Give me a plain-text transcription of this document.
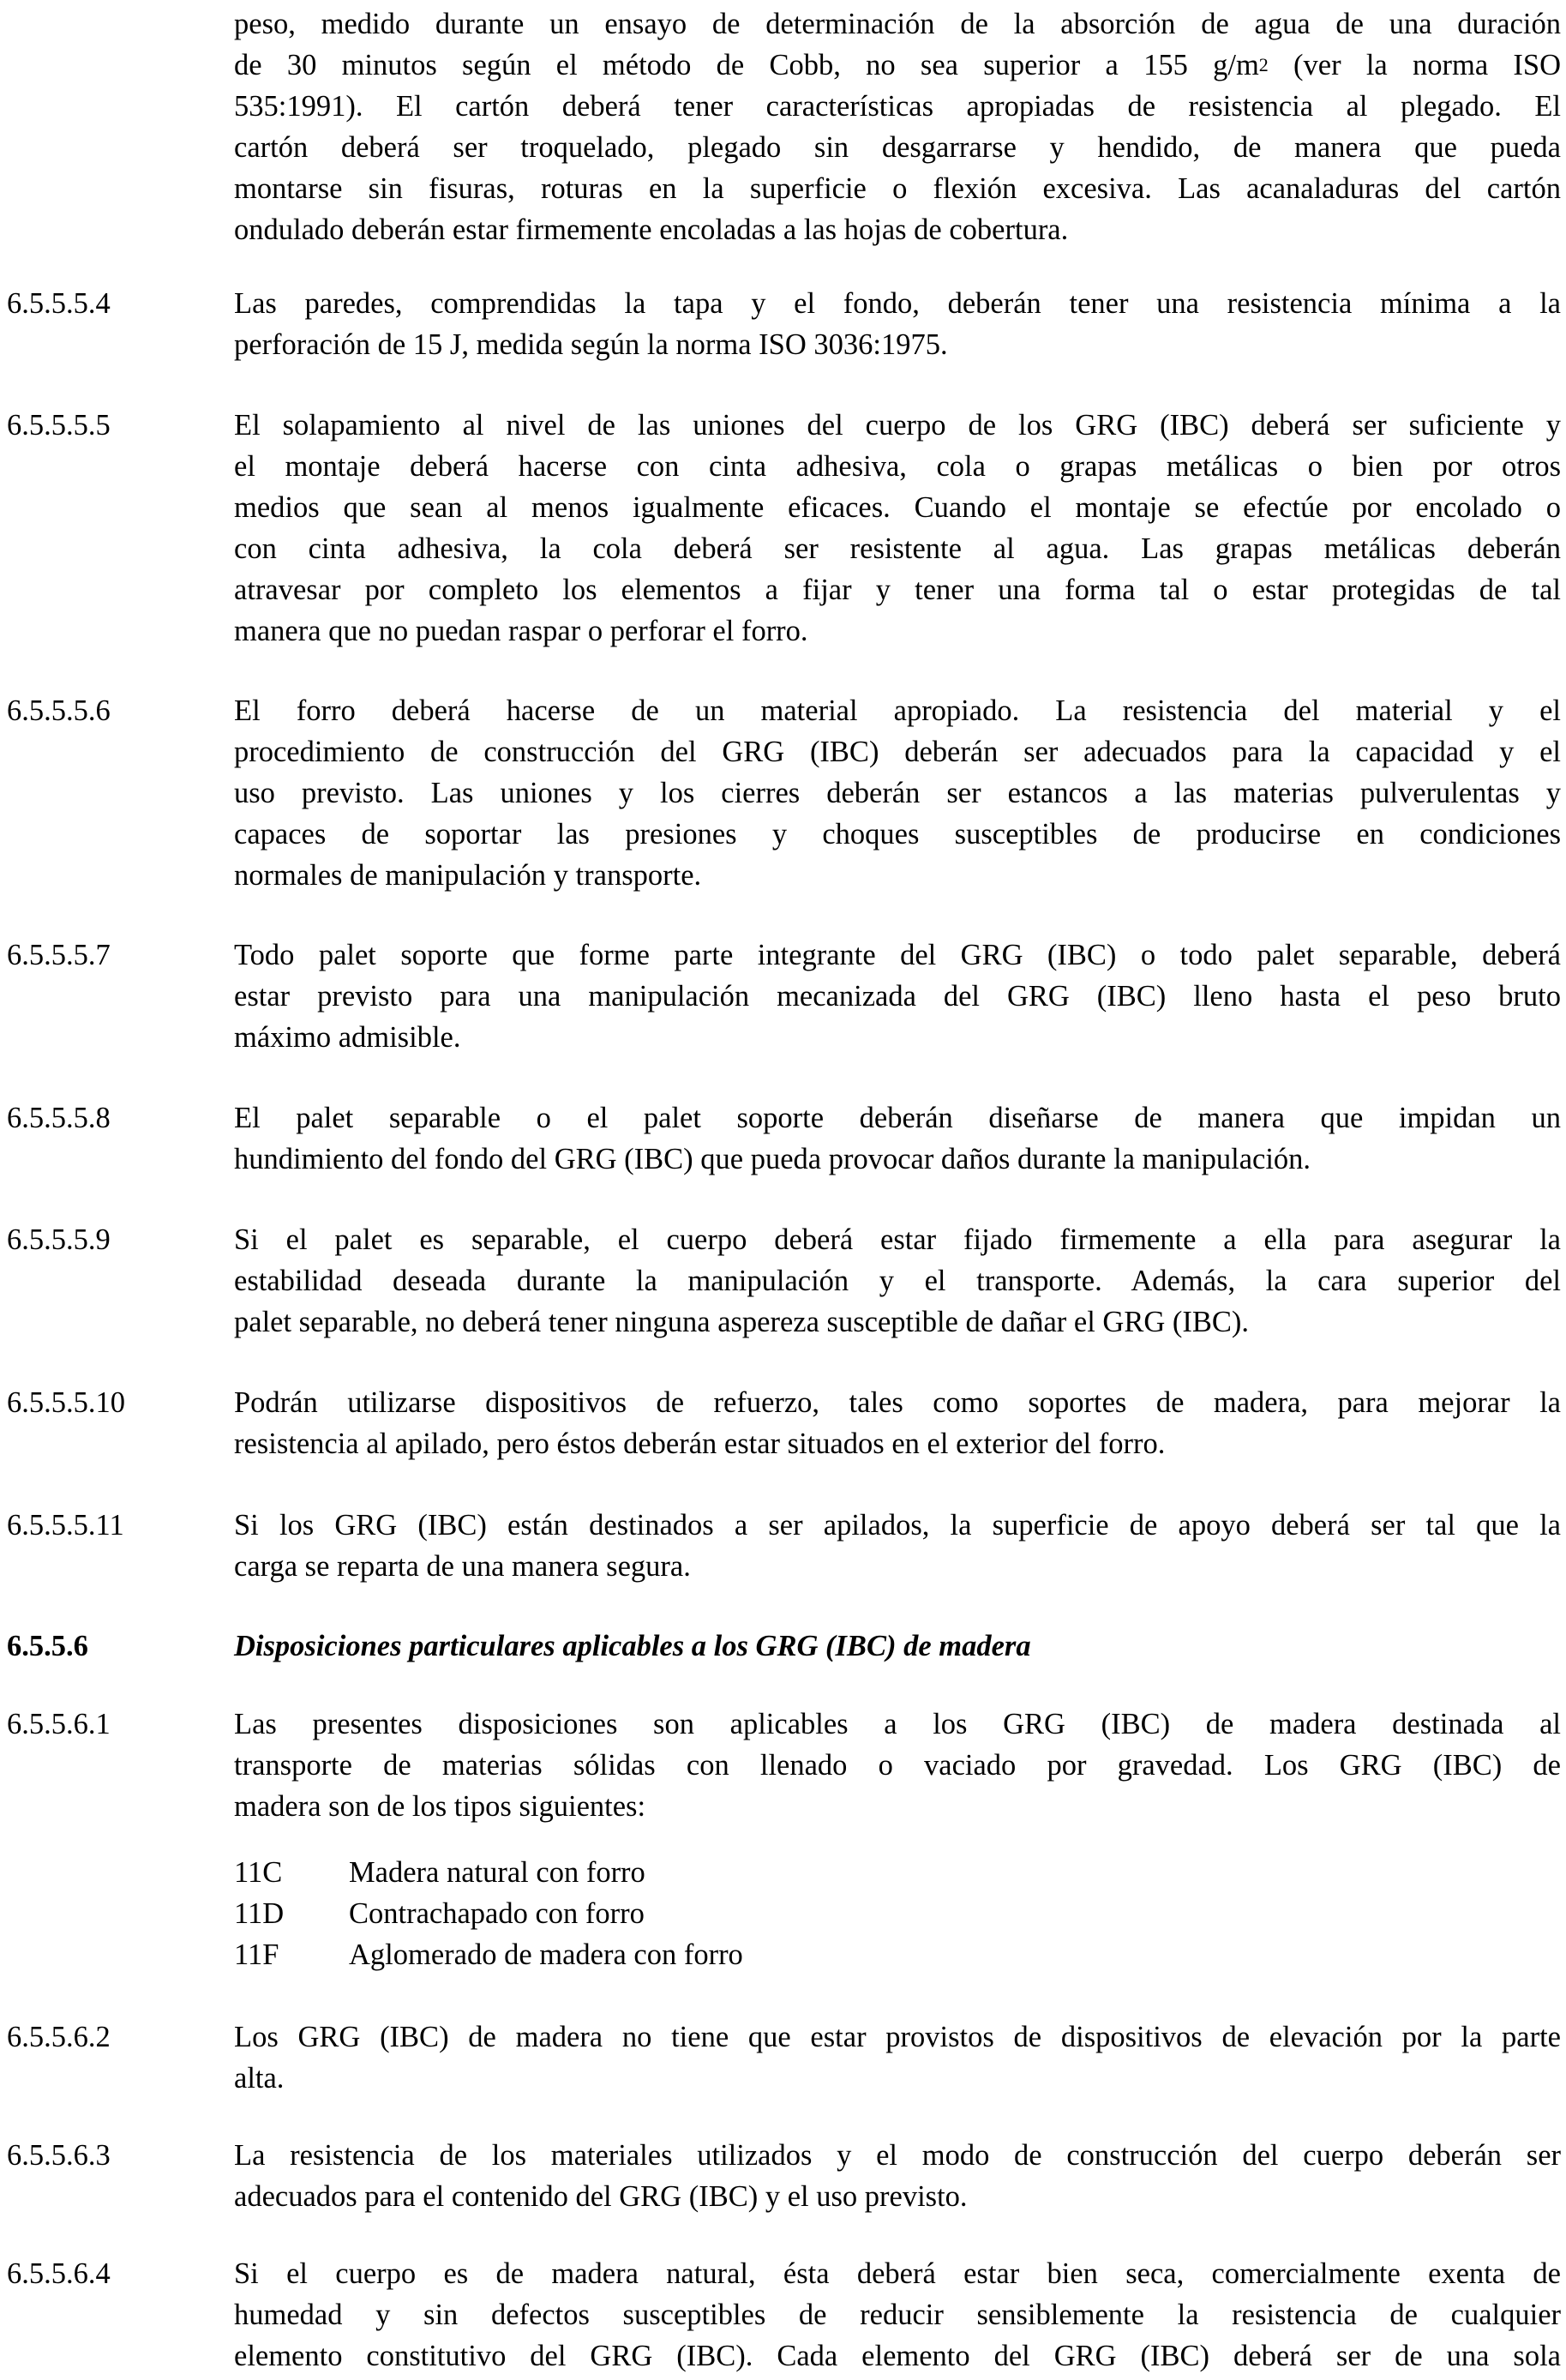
peso, medido durante un ensayo de determinación de la absorción de agua de una duración
de 30 minutos según el método de Cobb, no sea superior a 155 $g/m^2$ (ver la norma ISO
535:1991). El cartón deberá tener características apropiadas de resistencia al plegado. El
cartón deberá ser troquelado, plegado sin desgarrarse y hendido, de manera que pueda
montarse sin fisuras, roturas en la superficie o flexión excesiva. Las acanaladuras del cartón
ondulado deberán estar firmemente encoladas a las hojas de cobertura.
6.5.5.5.4	Las paredes, comprendidas la tapa y el fondo, deberán tener una resistencia mínima a la
perforación de 15 J, medida según la norma ISO 3036:1975.
6.5.5.5.5	El solapamiento al nivel de las uniones del cuerpo de los GRG (IBC) deberá ser suficiente y
el montaje deberá hacerse con cinta adhesiva, cola o grapas metálicas o bien por otros
medios que sean al menos igualmente eficaces. Cuando el montaje se efectúe por encolado o
con cinta adhesiva, la cola deberá ser resistente al agua. Las grapas metálicas deberán
atravesar por completo los elementos a fijar y tener una forma tal o estar protegidas de tal
manera que no puedan raspar o perforar el forro.
6.5.5.5.6	El forro deberá hacerse de un material apropiado. La resistencia del material y el
procedimiento de construcción del GRG (IBC) deberán ser adecuados para la capacidad y el
uso previsto. Las uniones y los cierres deberán ser estancos a las materias pulverulentas y
capaces de soportar las presiones y choques susceptibles de producirse en condiciones
normales de manipulación y transporte.
6.5.5.5.7	Todo palet soporte que forme parte integrante del GRG (IBC) o todo palet separable, deberá
estar previsto para una manipulación mecanizada del GRG (IBC) lleno hasta el peso bruto
máximo admisible.
6.5.5.5.8	El palet separable o el palet soporte deberán diseñarse de manera que impidan un
hundimiento del fondo del GRG (IBC) que pueda provocar daños durante la manipulación.
6.5.5.5.9	Si el palet es separable, el cuerpo deberá estar fijado firmemente a ella para asegurar la
estabilidad deseada durante la manipulación y el transporte. Además, la cara superior del
palet separable, no deberá tener ninguna aspereza susceptible de dañar el GRG (IBC).
6.5.5.5.10	Podrán utilizarse dispositivos de refuerzo, tales como soportes de madera, para mejorar la
resistencia al apilado, pero éstos deberán estar situados en el exterior del forro.
6.5.5.5.11	Si los GRG (IBC) están destinados a ser apilados, la superficie de apoyo deberá ser tal que la
carga se reparta de una manera segura.
6.5.5.6	Disposiciones particulares aplicables a los GRG (IBC) de madera
6.5.5.6.1	Las presentes disposiciones son aplicables a los GRG (IBC) de madera destinada al
transporte de materias sólidas con llenado o vaciado por gravedad. Los GRG (IBC) de
madera son de los tipos siguientes:
11C Madera natural con forro
11D Contrachapado con forro
11F Aglomerado de madera con forro
6.5.5.6.2	Los GRG (IBC) de madera no tiene que estar provistos de dispositivos de elevación por la parte
alta.
6.5.5.6.3	La resistencia de los materiales utilizados y el modo de construcción del cuerpo deberán ser
adecuados para el contenido del GRG (IBC) y el uso previsto.
6.5.5.6.4	Si el cuerpo es de madera natural, ésta deberá estar bien seca, comercialmente exenta de
humedad y sin defectos susceptibles de reducir sensiblemente la resistencia de cualquier
elemento constitutivo del GRG (IBC). Cada elemento del GRG (IBC) deberá ser de una sola
